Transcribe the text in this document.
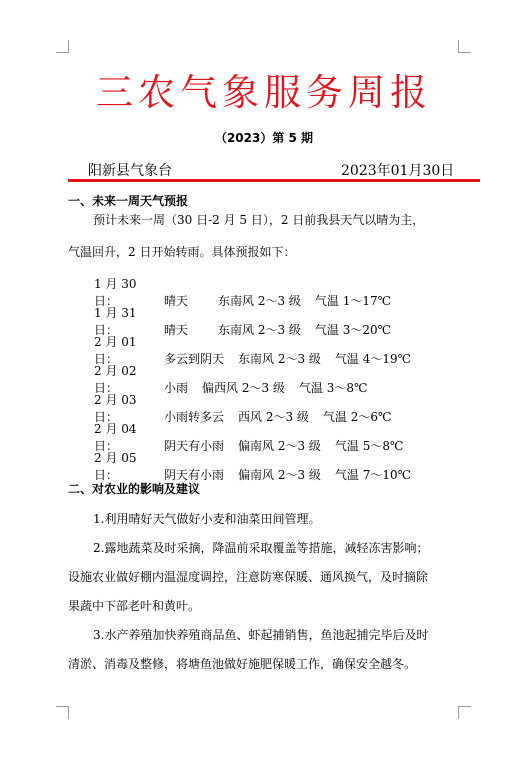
三农气象服务周报
（2023）第 5 期
阳新县气象台	2023年01月30日
一、未来一周天气预报
预计未来一周（30 日-2 月 5 日），2 日前我县天气以晴为主，
气温回升，2 日开始转雨。具体预报如下：
1 月 30 日：	晴天 东南风 2～3 级 气温 1～17℃
1 月 31 日：	晴天 东南风 2～3 级 气温 3～20℃
2 月 01 日：	多云到阴天 东南风 2～3 级 气温 4～19℃
2 月 02 日：	小雨 偏西风 2～3 级 气温 3～8℃
2 月 03 日：	小雨转多云 西风 2～3 级 气温 2～6℃
2 月 04 日：	阴天有小雨 偏南风 2～3 级 气温 5～8℃
2 月 05 日：	阴天有小雨 偏南风 2～3 级 气温 7～10℃
二、对农业的影响及建议
1.利用晴好天气做好小麦和油菜田间管理。
2.露地蔬菜及时采摘，降温前采取覆盖等措施，减轻冻害影响；
设施农业做好棚内温湿度调控，注意防寒保暖、通风换气，及时摘除
果蔬中下部老叶和黄叶。
3.水产养殖加快养殖商品鱼、虾起捕销售，鱼池起捕完毕后及时
清淤、消毒及整修，将塘鱼池做好施肥保暖工作，确保安全越冬。
